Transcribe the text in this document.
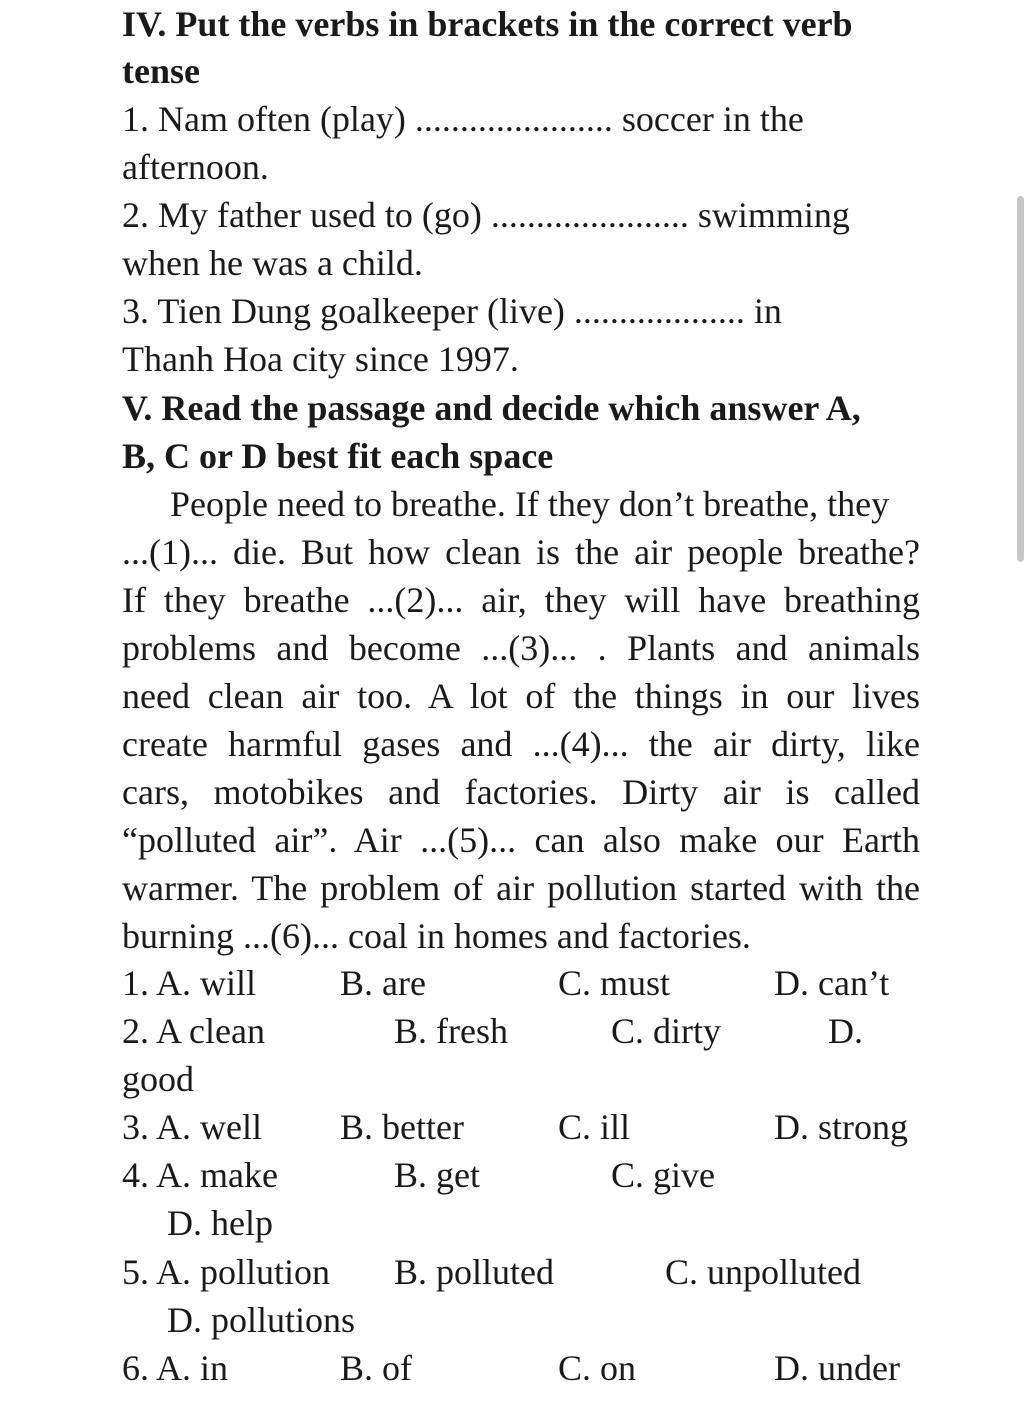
IV. Put the verbs in brackets in the correct verb
tense
1. Nam often (play) ...................... soccer in the
afternoon.
2. My father used to (go) ...................... swimming
when he was a child.
3. Tien Dung goalkeeper (live) ................... in
Thanh Hoa city since 1997.
V. Read the passage and decide which answer A,
B, C or D best fit each space
People need to breathe. If they don’t breathe, they
...(1)... die. But how clean is the air people breathe?
If they breathe ...(2)... air, they will have breathing
problems and become ...(3)... . Plants and animals
need clean air too. A lot of the things in our lives
create harmful gases and ...(4)... the air dirty, like
cars, motobikes and factories. Dirty air is called
“polluted air”. Air ...(5)... can also make our Earth
warmer. The problem of air pollution started with the
burning ...(6)... coal in homes and factories.
1. A. will B. are	C. must	D. can’t
2. A clean	B. fresh	C. dirty	D.
good
3. A. well B. better	C. ill	D. strong
4. A. make	B. get	C. give
D. help
5. A. pollution B. polluted	C. unpolluted
D. pollutions
6. A. in	B. of	C. on	D. under
